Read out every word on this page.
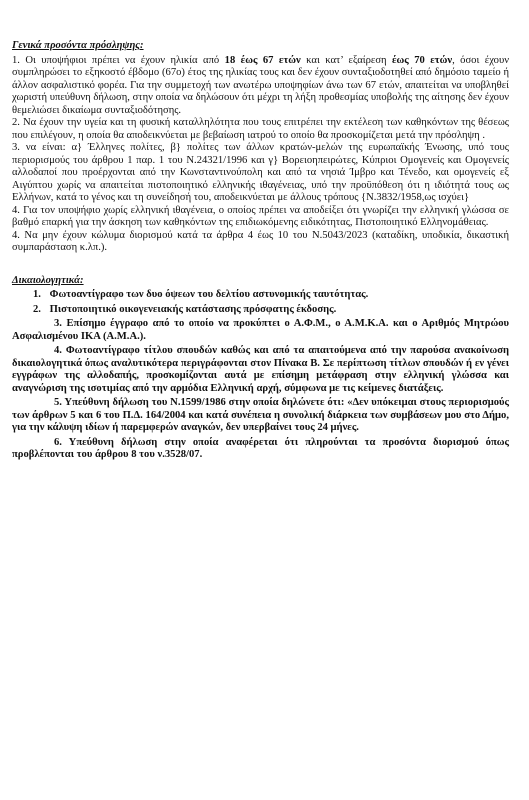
Γενικά προσόντα πρόσληψης:

1. Οι υποψήφιοι πρέπει να έχουν ηλικία από 18 έως 67 ετών και κατ’ εξαίρεση έως 70 ετών, όσοι έχουν συμπληρώσει το εξηκοστό έβδομο (67ο) έτος της ηλικίας τους και δεν έχουν συνταξιοδοτηθεί από δημόσιο ταμείο ή άλλον ασφαλιστικό φορέα. Για την συμμετοχή των ανωτέρω υποψηφίων άνω των 67 ετών, απαιτείται να υποβληθεί χωριστή υπεύθυνη δήλωση, στην οποία να δηλώσουν ότι μέχρι τη λήξη προθεσμίας υποβολής της αίτησης δεν έχουν θεμελιώσει δικαίωμα συνταξιοδότησης.

2. Να έχουν την υγεία και τη φυσική καταλληλότητα που τους επιτρέπει την εκτέλεση των καθηκόντων της θέσεως που επιλέγουν, η οποία θα αποδεικνύεται με βεβαίωση ιατρού το οποίο θα προσκομίζεται μετά την πρόσληψη .

3. να είναι: α} Έλληνες πολίτες, β} πολίτες των άλλων κρατών-μελών της ευρωπαϊκής Ένωσης, υπό τους περιορισμούς του άρθρου 1 παρ. 1 του Ν.24321/1996 και γ} Βορειοηπειρώτες, Κύπριοι Ομογενείς και Ομογενείς αλλοδαποί που προέρχονται από την Κωνσταντινούπολη και από τα νησιά Ίμβρο και Τένεδο, και ομογενείς εξ Αιγύπτου χωρίς να απαιτείται πιστοποιητικό ελληνικής ιθαγένειας, υπό την προϋπόθεση ότι η ιδιότητά τους ως Ελλήνων, κατά το γένος και τη συνείδησή του, αποδεικνύεται με άλλους τρόπους {Ν.3832/1958,ως ισχύει}

4. Για τον υποψήφιο χωρίς ελληνική ιθαγένεια, ο οποίος πρέπει να αποδείξει ότι γνωρίζει την ελληνική γλώσσα σε βαθμό επαρκή για την άσκηση των καθηκόντων της επιδιωκόμενης ειδικότητας, Πιστοποιητικό Ελληνομάθειας.

4. Να μην έχουν κώλυμα διορισμού κατά τα άρθρα 4 έως 10 του Ν.5043/2023 (καταδίκη, υποδικία, δικαστική συμπαράσταση κ.λπ.).

Δικαιολογητικά:

1. Φωτοαντίγραφο των δυο όψεων του δελτίου αστυνομικής ταυτότητας.

2. Πιστοποιητικό οικογενειακής κατάστασης πρόσφατης έκδοσης.

3. Επίσημο έγγραφο από το οποίο να προκύπτει ο Α.Φ.Μ., ο Α.Μ.Κ.Α. και ο Αριθμός Μητρώου Ασφαλισμένου ΙΚΑ (Α.Μ.Α.).

4. Φωτοαντίγραφο τίτλου σπουδών καθώς και από τα απαιτούμενα από την παρούσα ανακοίνωση δικαιολογητικά όπως αναλυτικότερα περιγράφονται στον Πίνακα Β. Σε περίπτωση τίτλων σπουδών ή εν γένει εγγράφων της αλλοδαπής, προσκομίζονται αυτά με επίσημη μετάφραση στην ελληνική γλώσσα και αναγνώριση της ισοτιμίας από την αρμόδια Ελληνική αρχή, σύμφωνα με τις κείμενες διατάξεις.

5. Υπεύθυνη δήλωση του Ν.1599/1986 στην οποία δηλώνετε ότι: «Δεν υπόκειμαι στους περιορισμούς των άρθρων 5 και 6 του Π.Δ. 164/2004 και κατά συνέπεια η συνολική διάρκεια των συμβάσεων μου στο Δήμο, για την κάλυψη ιδίων ή παρεμφερών αναγκών, δεν υπερβαίνει τους 24 μήνες.

6. Υπεύθυνη δήλωση στην οποία αναφέρεται ότι πληρούνται τα προσόντα διορισμού όπως προβλέπονται του άρθρου 8 του ν.3528/07.
